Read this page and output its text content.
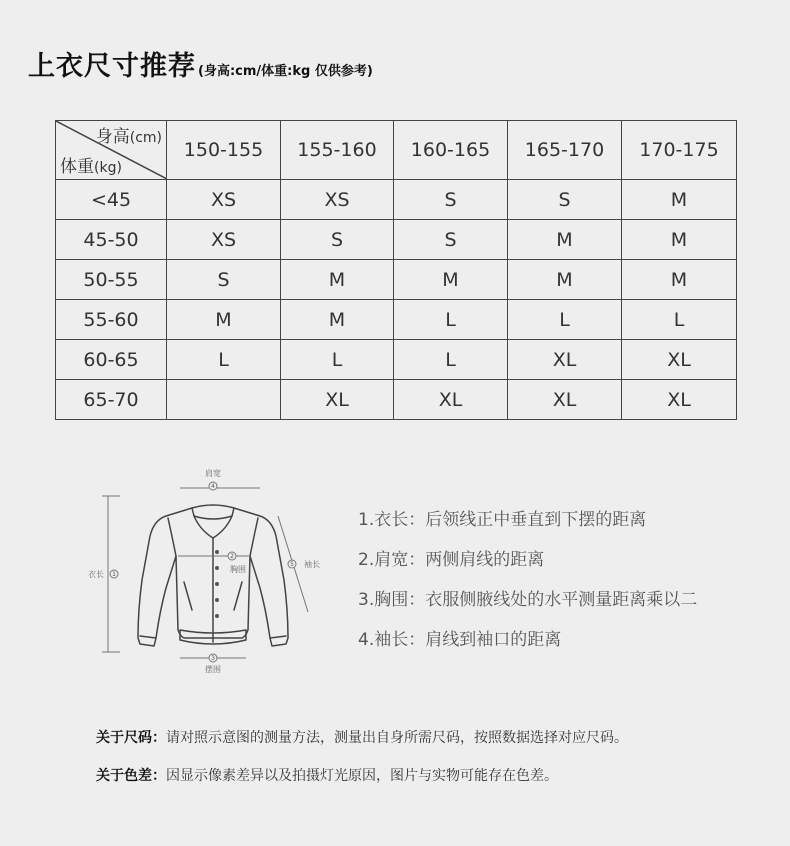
上衣尺寸推荐 (身高:cm/体重:kg 仅供参考)
身高(cm)
体重(kg)	150-155	155-160	160-165	165-170	170-175
<45	XS	XS	S	S	M
45-50	XS	S	S	M	M
50-55	S	M	M	M	M
55-60	M	M	L	L	L
60-65	L	L	L	XL	XL
65-70		XL	XL	XL	XL
4
1
2
3
5
肩宽
衣长
胸围
摆围
袖长
1.衣长：后领线正中垂直到下摆的距离
2.肩宽：两侧肩线的距离
3.胸围：衣服侧腋线处的水平测量距离乘以二
4.袖长：肩线到袖口的距离
关于尺码：请对照示意图的测量方法，测量出自身所需尺码，按照数据选择对应尺码。
关于色差：因显示像素差异以及拍摄灯光原因，图片与实物可能存在色差。
